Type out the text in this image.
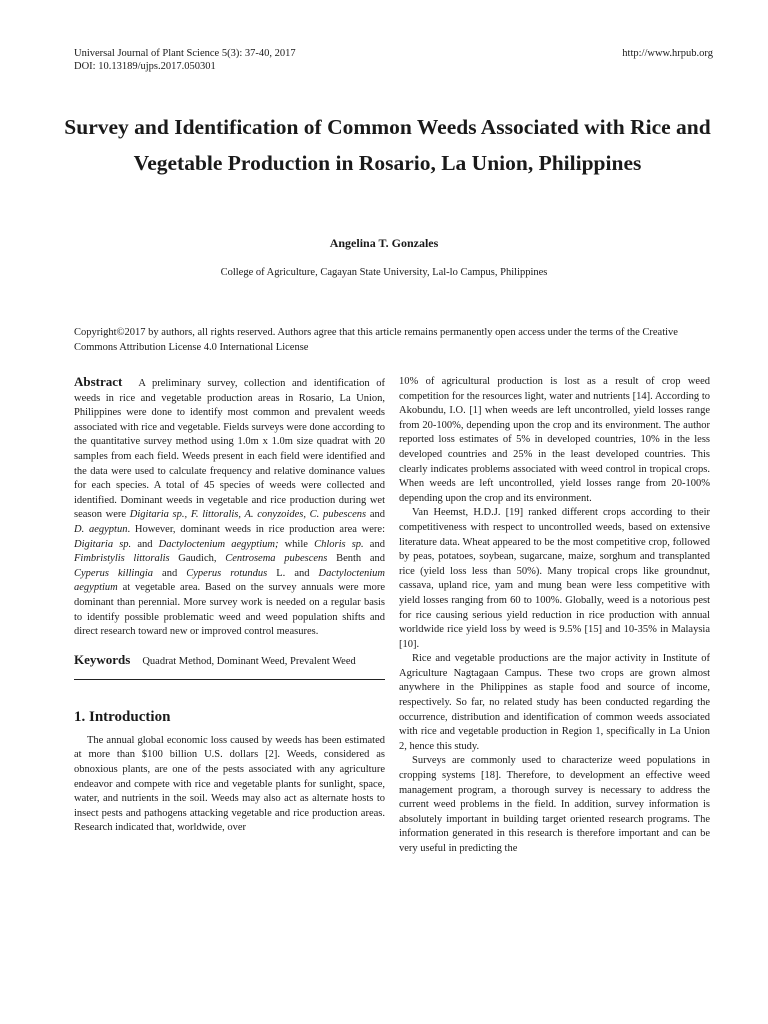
Universal Journal of Plant Science 5(3): 37-40, 2017
DOI: 10.13189/ujps.2017.050301
http://www.hrpub.org
Survey and Identification of Common Weeds Associated with Rice and Vegetable Production in Rosario, La Union, Philippines
Angelina T. Gonzales
College of Agriculture, Cagayan State University, Lal-lo Campus, Philippines
Copyright©2017 by authors, all rights reserved. Authors agree that this article remains permanently open access under the terms of the Creative Commons Attribution License 4.0 International License

Abstract A preliminary survey, collection and identification of weeds in rice and vegetable production areas in Rosario, La Union, Philippines were done to identify most common and prevalent weeds associated with rice and vegetable. Fields surveys were done according to the quantitative survey method using 1.0m x 1.0m size quadrat with 20 samples from each field. Weeds present in each field were identified and the data were used to calculate frequency and relative dominance values for each species. A total of 45 species of weeds were collected and identified. Dominant weeds in vegetable and rice production during wet season were Digitaria sp., F. littoralis, A. conyzoides, C. pubescens and D. aegyptun. However, dominant weeds in rice production area were: Digitaria sp. and Dactyloctenium aegyptium; while Chloris sp. and Fimbristylis littoralis Gaudich, Centrosema pubescens Benth and Cyperus killingia and Cyperus rotundus L. and Dactyloctenium aegyptium at vegetable area. Based on the survey annuals were more dominant than perennial. More survey work is needed on a regular basis to identify possible problematic weed and weed population shifts and direct research toward new or improved control measures.

Keywords Quadrat Method, Dominant Weed, Prevalent Weed

1. Introduction

The annual global economic loss caused by weeds has been estimated at more than $100 billion U.S. dollars [2]. Weeds, considered as obnoxious plants, are one of the pests associated with any agriculture endeavor and compete with rice and vegetable plants for sunlight, space, water, and nutrients in the soil. Weeds may also act as alternate hosts to insect pests and pathogens attacking vegetable and rice production areas. Research indicated that, worldwide, over

10% of agricultural production is lost as a result of crop weed competition for the resources light, water and nutrients [14]. According to Akobundu, I.O. [1] when weeds are left uncontrolled, yield losses range from 20-100%, depending upon the crop and its environment. The author reported loss estimates of 5% in developed countries, 10% in the less developed countries and 25% in the least developed countries. This clearly indicates problems associated with weed control in tropical crops. When weeds are left uncontrolled, yield losses range from 20-100% depending upon the crop and its environment.

Van Heemst, H.D.J. [19] ranked different crops according to their competitiveness with respect to uncontrolled weeds, based on extensive literature data. Wheat appeared to be the most competitive crop, followed by peas, potatoes, soybean, sugarcane, maize, sorghum and transplanted rice (yield loss less than 50%). Many tropical crops like groundnut, cassava, upland rice, yam and mung bean were less competitive with yield losses ranging from 60 to 100%. Globally, weed is a notorious pest for rice causing serious yield reduction in rice production with annual worldwide rice yield loss by weed is 9.5% [15] and 10-35% in Malaysia [10].

Rice and vegetable productions are the major activity in Institute of Agriculture Nagtagaan Campus. These two crops are grown almost anywhere in the Philippines as staple food and source of income, respectively. So far, no related study has been conducted regarding the occurrence, distribution and identification of common weeds associated with rice and vegetable production in Region 1, specifically in La Union 2, hence this study.

Surveys are commonly used to characterize weed populations in cropping systems [18]. Therefore, to development an effective weed management program, a thorough survey is necessary to address the current weed problems in the field. In addition, survey information is absolutely important in building target oriented research programs. The information generated in this research is therefore important and can be very useful in predicting the
